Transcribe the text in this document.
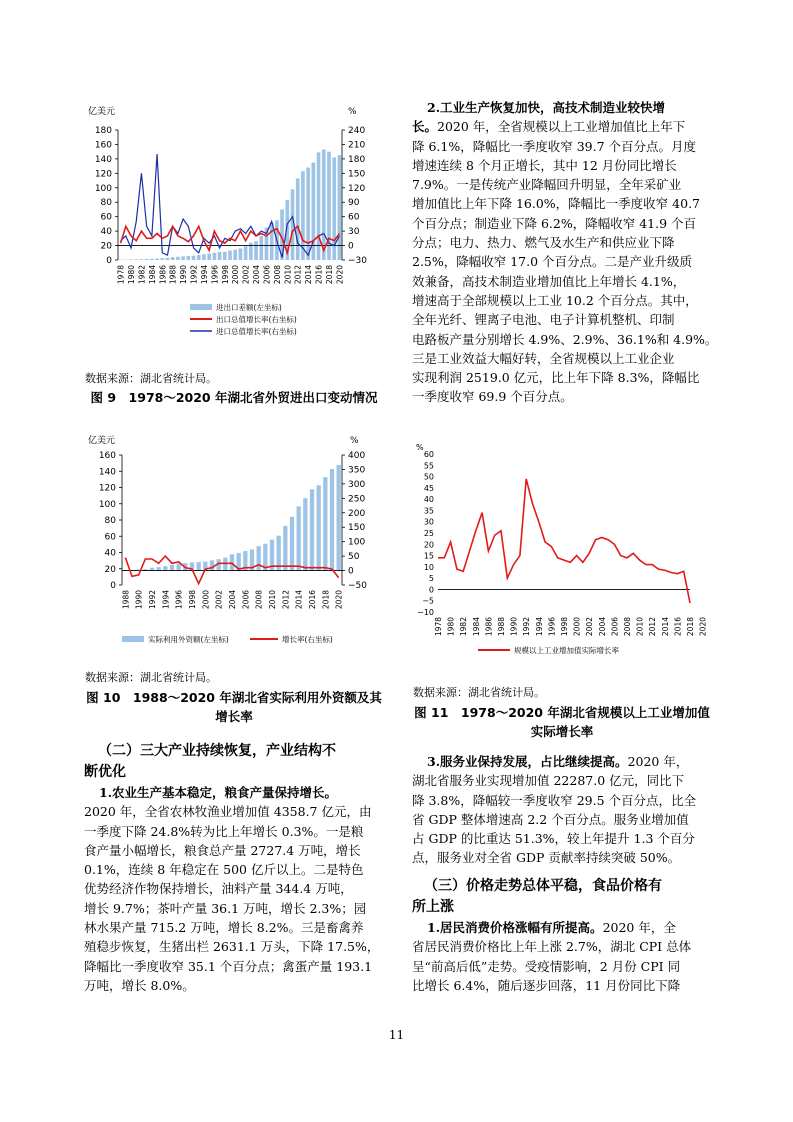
亿美元	%
0
20
40
60
80
100
120
140
160
180
−30
0
30
60
90
120
150
180
210
240
1978 1980 1982 1984 1986 1988 1990 1992 1994 1996 1998 2000 2002 2004 2006 2008 2010 2012 2014 2016 2018 2020
进出口差额(左坐标)
出口总值增长率(右坐标)
进口总值增长率(右坐标)
数据来源：湖北省统计局。
图 9　1978～2020 年湖北省外贸进出口变动情况
亿美元	%
0
20
40
60
80
100
120
140
160
−50
0
50
100
150
200
250
300
350
400
1988 1990 1992 1994 1996 1998 2000 2002 2004 2006 2008 2010 2012 2014 2016 2018 2020
实际利用外资额(左坐标)	增长率(右坐标)
数据来源：湖北省统计局。
图 10　1988～2020 年湖北省实际利用外资额及其
增长率
（二）三大产业持续恢复，产业结构不
断优化
1.农业生产基本稳定，粮食产量保持增长。
2020 年，全省农林牧渔业增加值 4358.7 亿元，由
一季度下降 24.8%转为比上年增长 0.3%。一是粮
食产量小幅增长，粮食总产量 2727.4 万吨，增长
0.1%，连续 8 年稳定在 500 亿斤以上。二是特色
优势经济作物保持增长，油料产量 344.4 万吨，
增长 9.7%；茶叶产量 36.1 万吨，增长 2.3%；园
林水果产量 715.2 万吨，增长 8.2%。三是畜禽养
殖稳步恢复，生猪出栏 2631.1 万头，下降 17.5%，
降幅比一季度收窄 35.1 个百分点；禽蛋产量 193.1
万吨，增长 8.0%。
2.工业生产恢复加快，高技术制造业较快增
长。2020 年，全省规模以上工业增加值比上年下
降 6.1%，降幅比一季度收窄 39.7 个百分点。月度
增速连续 8 个月正增长，其中 12 月份同比增长
7.9%。一是传统产业降幅回升明显，全年采矿业
增加值比上年下降 16.0%，降幅比一季度收窄 40.7
个百分点；制造业下降 6.2%，降幅收窄 41.9 个百
分点；电力、热力、燃气及水生产和供应业下降
2.5%，降幅收窄 17.0 个百分点。二是产业升级质
效兼备，高技术制造业增加值比上年增长 4.1%，
增速高于全部规模以上工业 10.2 个百分点。其中，
全年光纤、锂离子电池、电子计算机整机、印制
电路板产量分别增长 4.9%、2.9%、36.1%和 4.9%。
三是工业效益大幅好转，全省规模以上工业企业
实现利润 2519.0 亿元，比上年下降 8.3%，降幅比
一季度收窄 69.9 个百分点。
%
−10
−5
0
5
10
15
20
25
30
35
40
45
50
55
60
1978 1980 1982 1984 1986 1988 1990 1992 1994 1996 1998 2000 2002 2004 2006 2008 2010 2012 2014 2016 2018 2020
规模以上工业增加值实际增长率
数据来源：湖北省统计局。
图 11　1978～2020 年湖北省规模以上工业增加值
实际增长率
3.服务业保持发展，占比继续提高。2020 年，
湖北省服务业实现增加值 22287.0 亿元，同比下
降 3.8%，降幅较一季度收窄 29.5 个百分点，比全
省 GDP 整体增速高 2.2 个百分点。服务业增加值
占 GDP 的比重达 51.3%，较上年提升 1.3 个百分
点，服务业对全省 GDP 贡献率持续突破 50%。
（三）价格走势总体平稳，食品价格有
所上涨
1.居民消费价格涨幅有所提高。2020 年，全
省居民消费价格比上年上涨 2.7%，湖北 CPI 总体
呈“前高后低”走势。受疫情影响，2 月份 CPI 同
比增长 6.4%，随后逐步回落，11 月份同比下降
11
